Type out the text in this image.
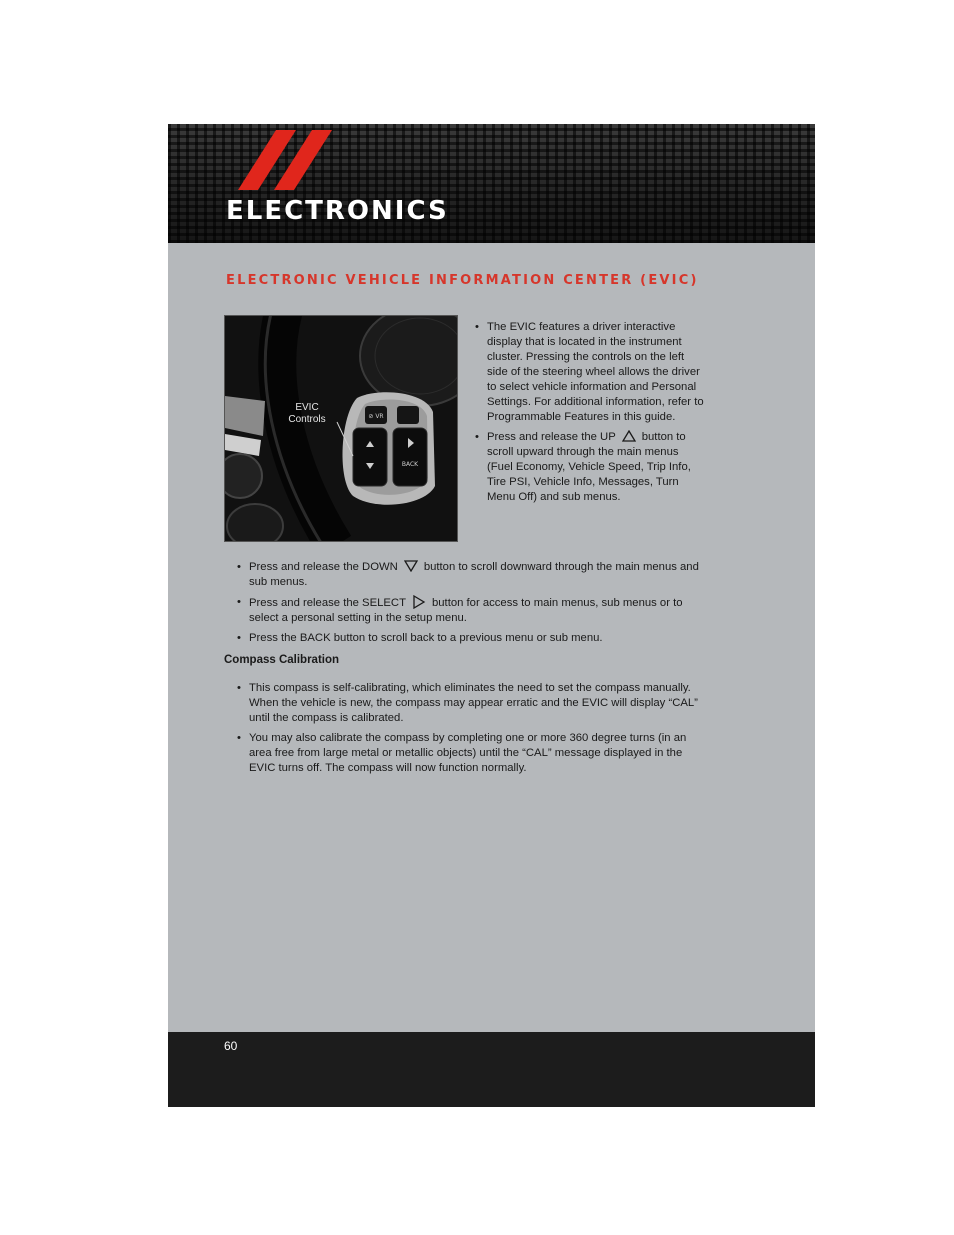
ELECTRONICS
ELECTRONIC VEHICLE INFORMATION CENTER (EVIC)
BACK
⊘ VR
EVIC
Controls
• The EVIC features a driver interactive display that is located in the instrument cluster. Pressing the controls on the left side of the steering wheel allows the driver to select vehicle information and Personal Settings. For additional information, refer to Programmable Features in this guide.
• Press and release the UP button to scroll upward through the main menus (Fuel Economy, Vehicle Speed, Trip Info, Tire PSI, Vehicle Info, Messages, Turn Menu Off) and sub menus.
• Press and release the DOWN button to scroll downward through the main menus and sub menus.
• Press and release the SELECT button for access to main menus, sub menus or to select a personal setting in the setup menu.
• Press the BACK button to scroll back to a previous menu or sub menu.
Compass Calibration
• This compass is self-calibrating, which eliminates the need to set the compass manually. When the vehicle is new, the compass may appear erratic and the EVIC will display “CAL” until the compass is calibrated.
• You may also calibrate the compass by completing one or more 360 degree turns (in an area free from large metal or metallic objects) until the “CAL” message displayed in the EVIC turns off. The compass will now function normally.
60
